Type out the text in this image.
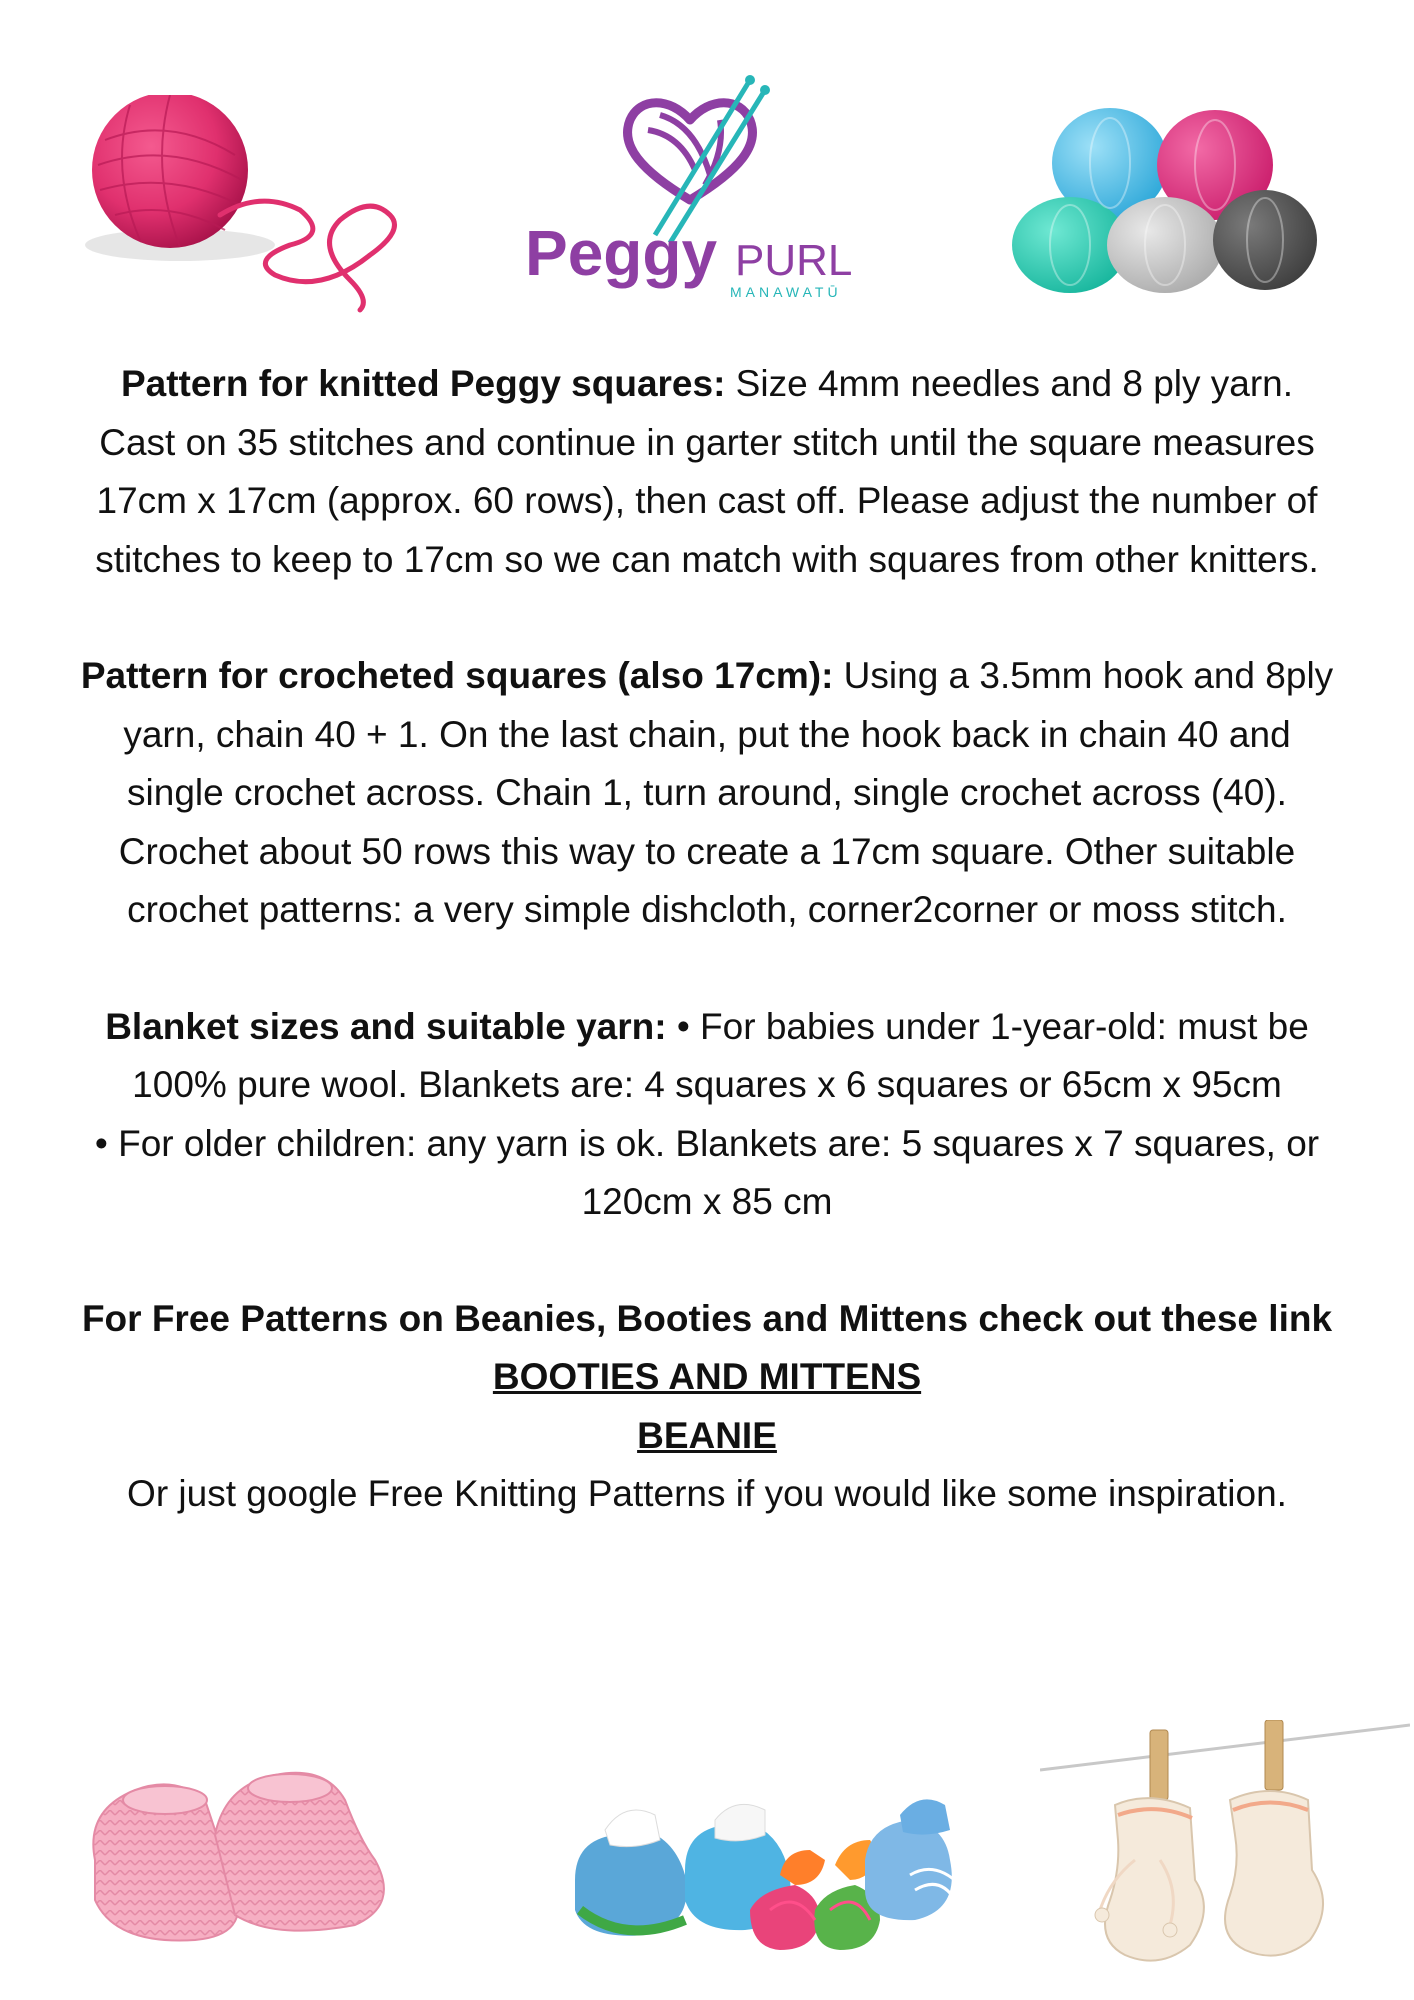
Peggy PURL
MANAWATŪ

Pattern for knitted Peggy squares: Size 4mm needles and 8 ply yarn. Cast on 35 stitches and continue in garter stitch until the square measures 17cm x 17cm (approx. 60 rows), then cast off. Please adjust the number of stitches to keep to 17cm so we can match with squares from other knitters.

Pattern for crocheted squares (also 17cm): Using a 3.5mm hook and 8ply yarn, chain 40 + 1. On the last chain, put the hook back in chain 40 and single crochet across. Chain 1, turn around, single crochet across (40). Crochet about 50 rows this way to create a 17cm square. Other suitable crochet patterns: a very simple dishcloth, corner2corner or moss stitch.

Blanket sizes and suitable yarn: • For babies under 1-year-old: must be 100% pure wool. Blankets are: 4 squares x 6 squares or 65cm x 95cm
• For older children: any yarn is ok. Blankets are: 5 squares x 7 squares, or 120cm x 85 cm

For Free Patterns on Beanies, Booties and Mittens check out these link
BOOTIES AND MITTENS
BEANIE
Or just google Free Knitting Patterns if you would like some inspiration.
